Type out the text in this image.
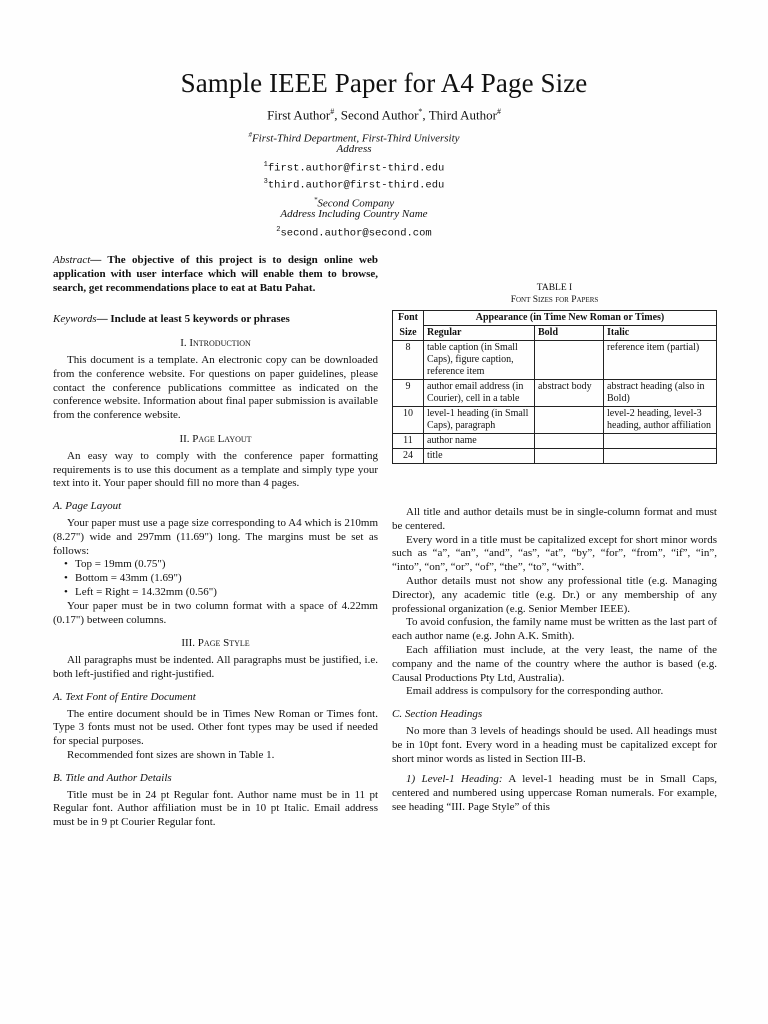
Sample IEEE Paper for A4 Page Size
First Author#, Second Author*, Third Author#
#First-Third Department, First-Third University
Address
$^1$first.author@first-third.edu
$^3$third.author@first-third.edu
*Second Company
Address Including Country Name
$^2$second.author@second.com

Abstract— The objective of this project is to design online web application with user interface which will enable them to browse, search, get recommendations place to eat at Batu Pahat.

Keywords— Include at least 5 keywords or phrases

I. Introduction

This document is a template. An electronic copy can be downloaded from the conference website. For questions on paper guidelines, please contact the conference publications committee as indicated on the conference website. Information about final paper submission is available from the conference website.

II. Page Layout

An easy way to comply with the conference paper formatting requirements is to use this document as a template and simply type your text into it. Your paper should fill no more than 4 pages.

A. Page Layout

Your paper must use a page size corresponding to A4 which is 210mm (8.27") wide and 297mm (11.69") long. The margins must be set as follows:

• Top = 19mm (0.75")
• Bottom = 43mm (1.69")
• Left = Right = 14.32mm (0.56")

Your paper must be in two column format with a space of 4.22mm (0.17") between columns.

III. Page Style

All paragraphs must be indented. All paragraphs must be justified, i.e. both left-justified and right-justified.

A. Text Font of Entire Document

The entire document should be in Times New Roman or Times font. Type 3 fonts must not be used. Other font types may be used if needed for special purposes.

Recommended font sizes are shown in Table 1.

B. Title and Author Details

Title must be in 24 pt Regular font. Author name must be in 11 pt Regular font. Author affiliation must be in 10 pt Italic. Email address must be in 9 pt Courier Regular font.

TABLE I
Font Sizes for Papers
Font	Appearance (in Time New Roman or Times)		
Size	Regular	Bold	Italic
8	table caption (in Small Caps), figure caption, reference item		reference item (partial)
9	author email address (in Courier), cell in a table	abstract body	abstract heading (also in Bold)
10	level-1 heading (in Small Caps), paragraph		level-2 heading, level-3 heading, author affiliation
11	author name		
24	title		

All title and author details must be in single-column format and must be centered.

Every word in a title must be capitalized except for short minor words such as “a”, “an”, “and”, “as”, “at”, “by”, “for”, “from”, “if”, “in”, “into”, “on”, “or”, “of”, “the”, “to”, “with”.

Author details must not show any professional title (e.g. Managing Director), any academic title (e.g. Dr.) or any membership of any professional organization (e.g. Senior Member IEEE).

To avoid confusion, the family name must be written as the last part of each author name (e.g. John A.K. Smith).

Each affiliation must include, at the very least, the name of the company and the name of the country where the author is based (e.g. Causal Productions Pty Ltd, Australia).

Email address is compulsory for the corresponding author.

C. Section Headings

No more than 3 levels of headings should be used. All headings must be in 10pt font. Every word in a heading must be capitalized except for short minor words as listed in Section III-B.

1) Level-1 Heading: A level-1 heading must be in Small Caps, centered and numbered using uppercase Roman numerals. For example, see heading “III. Page Style” of this
